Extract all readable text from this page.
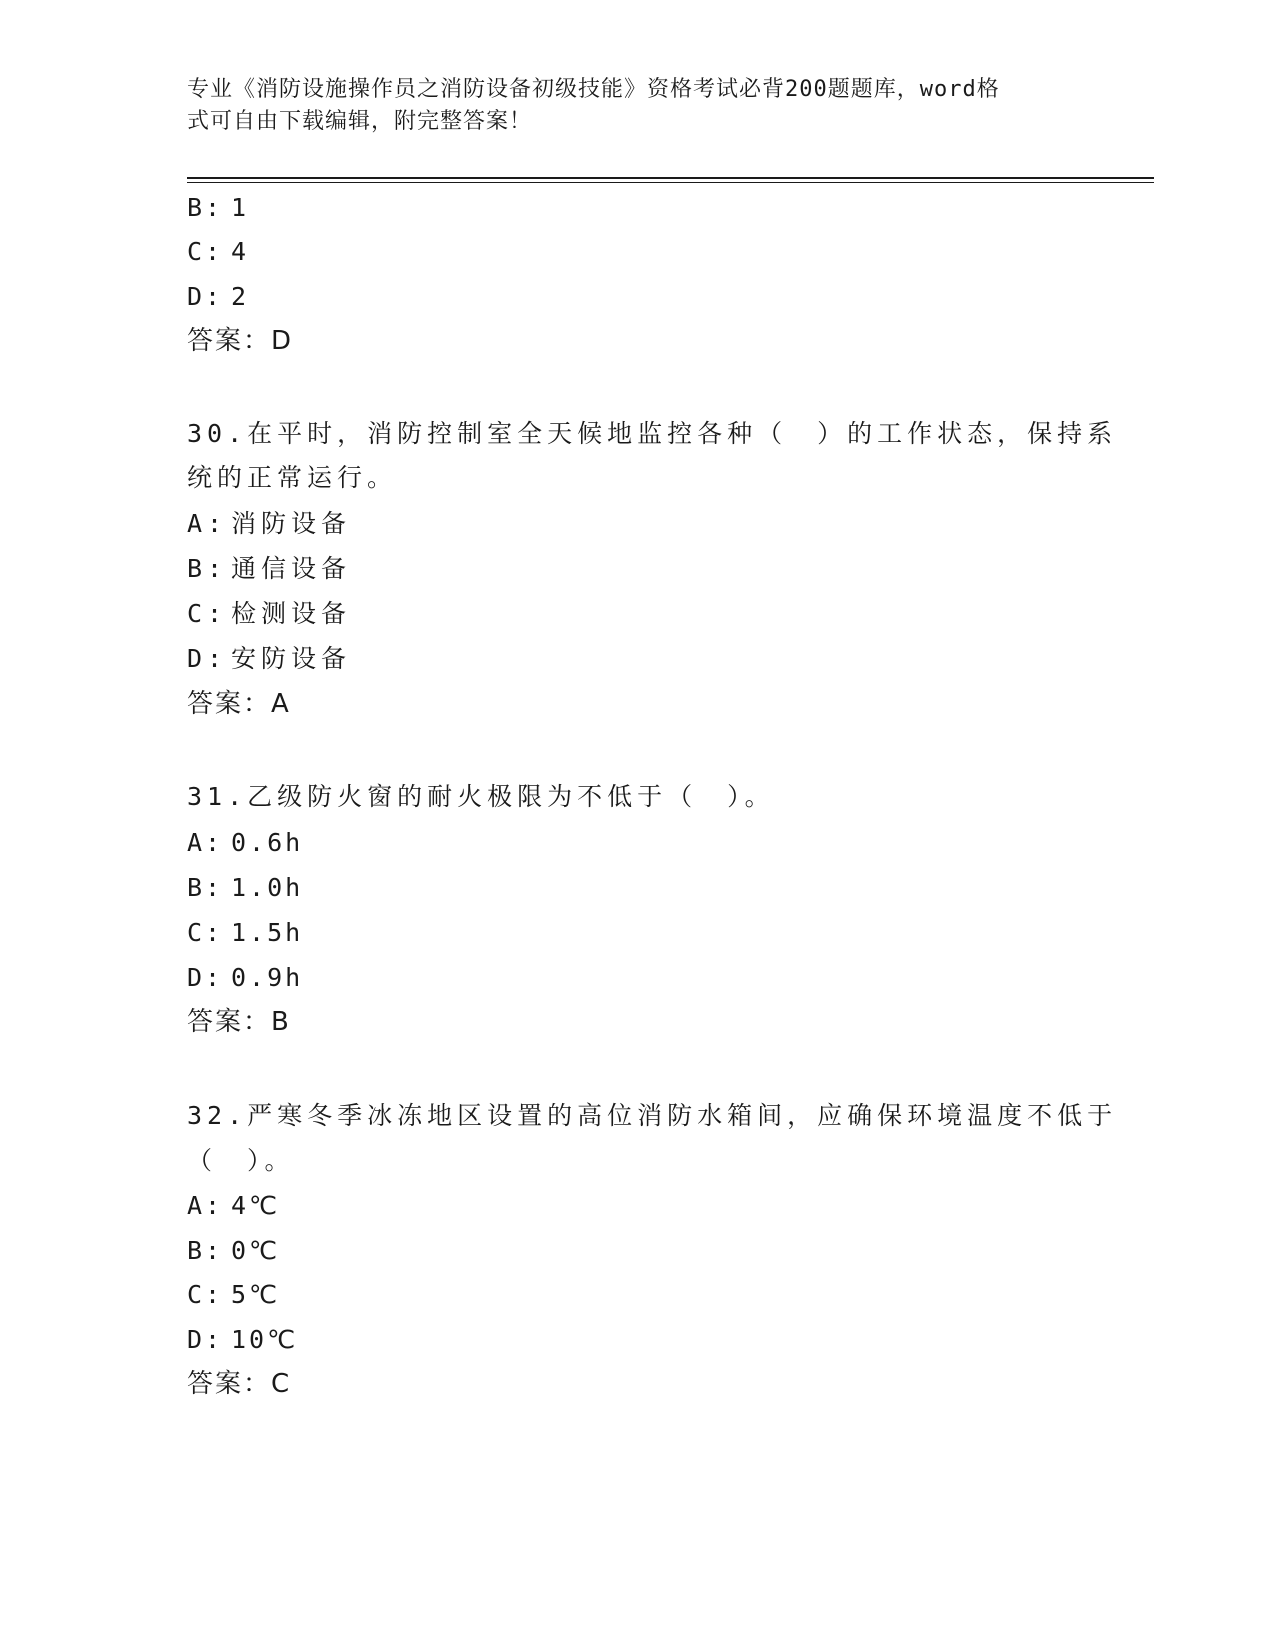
专业《消防设施操作员之消防设备初级技能》资格考试必背200题题库，word格
式可自由下载编辑，附完整答案！
B: 1
C: 4
D: 2
答案：D
30.在平时，消防控制室全天候地监控各种（　）的工作状态，保持系
统的正常运行。
A: 消防设备
B: 通信设备
C: 检测设备
D: 安防设备
答案：A
31.乙级防火窗的耐火极限为不低于（　）。
A: 0.6h
B: 1.0h
C: 1.5h
D: 0.9h
答案：B
32.严寒冬季冰冻地区设置的高位消防水箱间，应确保环境温度不低于
（　）。
A: 4℃
B: 0℃
C: 5℃
D: 10℃
答案：C
